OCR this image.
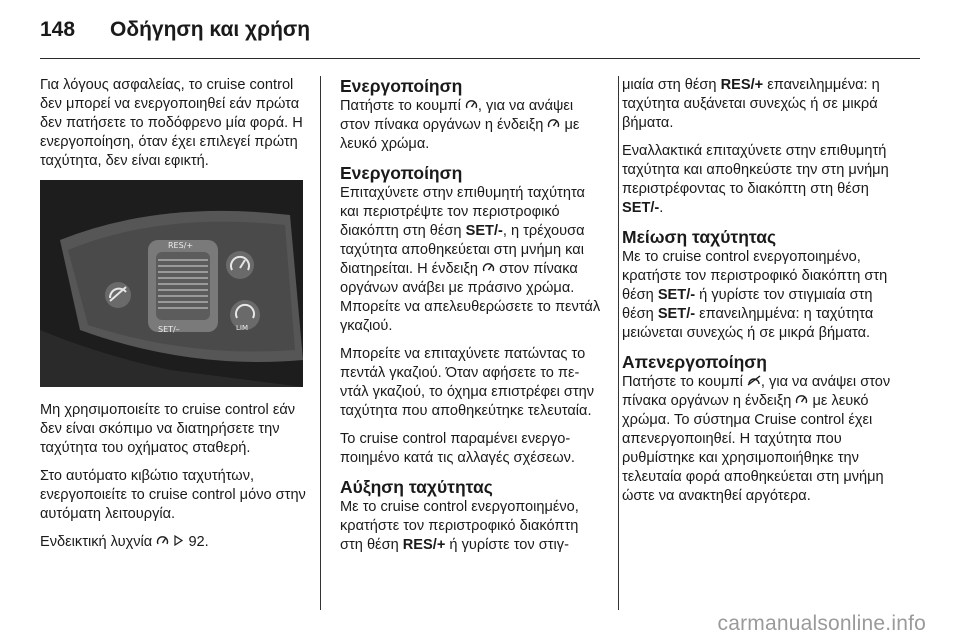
148 Οδήγηση και χρήση

Για λόγους ασφαλείας, το cruise control δεν μπορεί να ενεργοποιηθεί εάν πρώτα δεν πατήσετε το ποδόφρενο μία φορά. Η ενεργοποίηση, όταν έχει επιλεγεί πρώτη ταχύτητα, δεν είναι εφικτή.

RES/+
SET/–	LIM

Μη χρησιμοποιείτε το cruise control εάν δεν είναι σκόπιμο να διατηρήσετε την ταχύτητα του οχήματος σταθερή.

Στο αυτόματο κιβώτιο ταχυτήτων, ενεργοποιείτε το cruise control μόνο στην αυτόματη λειτουργία.

Ενδεικτική λυχνία 92.

Ενεργοποίηση

Πατήστε το κουμπί , για να ανάψει στον πίνακα οργάνων η ένδειξη με λευκό χρώμα.

Ενεργοποίηση

Επιταχύνετε στην επιθυμητή ταχύτητα και περιστρέψτε τον περιστροφικό διακόπτη στη θέση SET/-, η τρέχουσα ταχύτητα αποθηκεύεται στη μνήμη και διατηρείται. Η ένδειξη στον πίνακα οργάνων ανάβει με πράσινο χρώμα. Μπορείτε να απελευθερώσετε το πεντάλ γκαζιού.

Μπορείτε να επιταχύνετε πατώντας το πεντάλ γκαζιού. Όταν αφήσετε το πεντάλ γκαζιού, το όχημα επιστρέφει στην ταχύτητα που αποθηκεύτηκε τελευταία.

Το cruise control παραμένει ενεργοποιημένο κατά τις αλλαγές σχέσεων.

Αύξηση ταχύτητας

Με το cruise control ενεργοποιημένο, κρατήστε τον περιστροφικό διακόπτη στη θέση RES/+ ή γυρίστε τον στιγ-

μιαία στη θέση RES/+ επανειλημμένα: η ταχύτητα αυξάνεται συνεχώς ή σε μικρά βήματα.

Εναλλακτικά επιταχύνετε στην επιθυμητή ταχύτητα και αποθηκεύστε την στη μνήμη περιστρέφοντας το διακόπτη στη θέση SET/-.

Μείωση ταχύτητας

Με το cruise control ενεργοποιημένο, κρατήστε τον περιστροφικό διακόπτη στη θέση SET/- ή γυρίστε τον στιγμιαία στη θέση SET/- επανειλημμένα: η ταχύτητα μειώνεται συνεχώς ή σε μικρά βήματα.

Απενεργοποίηση

Πατήστε το κουμπί , για να ανάψει στον πίνακα οργάνων η ένδειξη με λευκό χρώμα. Το σύστημα Cruise control έχει απενεργοποιηθεί. Η ταχύτητα που ρυθμίστηκε και χρησιμοποιήθηκε την τελευταία φορά αποθηκεύεται στη μνήμη ώστε να ανακτηθεί αργότερα.

carmanualsonline.info
